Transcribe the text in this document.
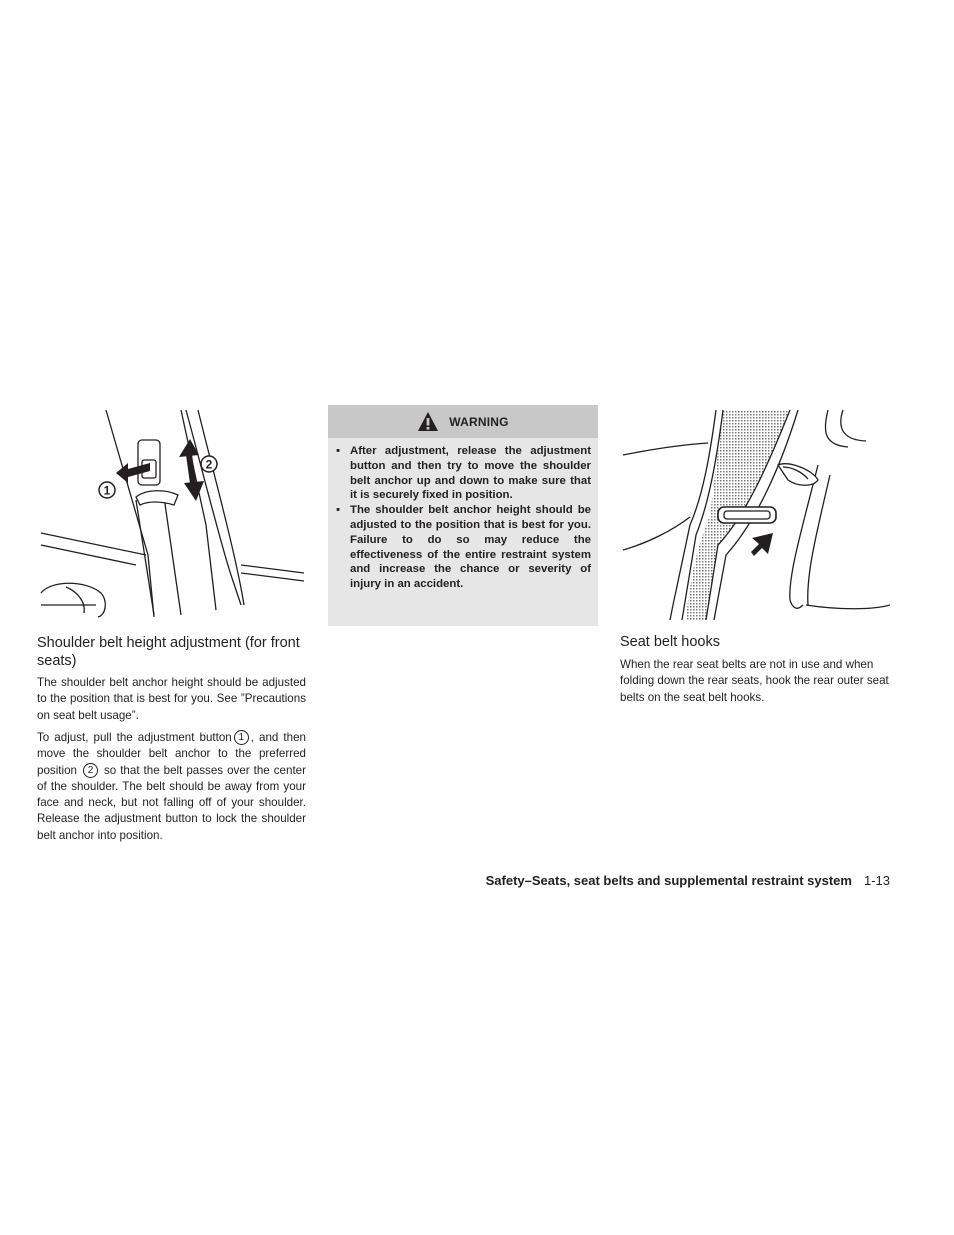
1
2
Shoulder belt height adjustment (for front seats)

The shoulder belt anchor height should be adjusted to the position that is best for you. See ”Precautions on seat belt usage”.

To adjust, pull the adjustment button 1 , and then move the shoulder belt anchor to the preferred position 2 so that the belt passes over the center of the shoulder. The belt should be away from your face and neck, but not falling off of your shoulder. Release the adjustment button to lock the shoulder belt anchor into position.

WARNING
▪ After adjustment, release the adjustment button and then try to move the shoulder belt anchor up and down to make sure that it is securely fixed in position.
▪ The shoulder belt anchor height should be adjusted to the position that is best for you. Failure to do so may reduce the effectiveness of the entire restraint system and increase the chance or severity of injury in an accident.
Seat belt hooks

When the rear seat belts are not in use and when folding down the rear seats, hook the rear outer seat belts on the seat belt hooks.

Safety–Seats, seat belts and supplemental restraint system 1-13
